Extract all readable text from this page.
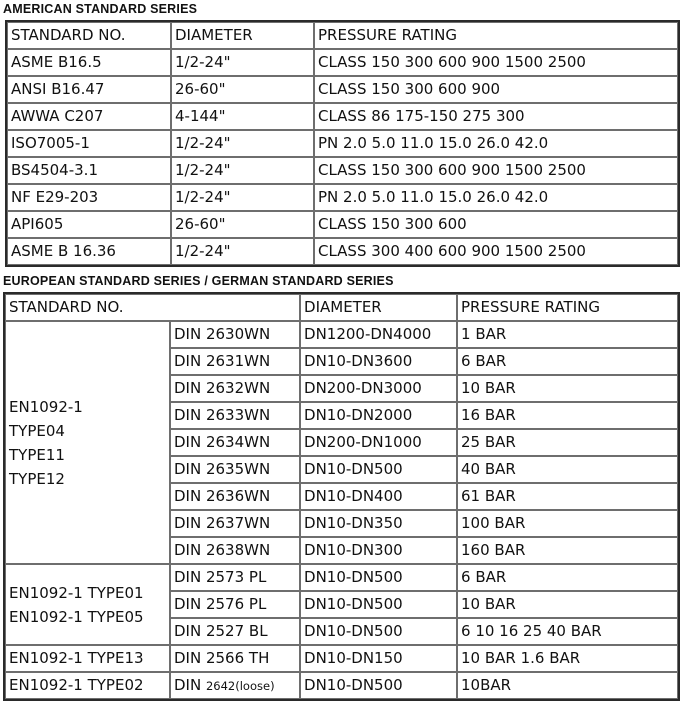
AMERICAN STANDARD SERIES
STANDARD NO.	DIAMETER	PRESSURE RATING
ASME B16.5	1/2-24"	CLASS 150 300 600 900 1500 2500
ANSI B16.47	26-60"	CLASS 150 300 600 900
AWWA C207	4-144"	CLASS 86 175-150 275 300
ISO7005-1	1/2-24"	PN 2.0 5.0 11.0 15.0 26.0 42.0
BS4504-3.1	1/2-24"	CLASS 150 300 600 900 1500 2500
NF E29-203	1/2-24"	PN 2.0 5.0 11.0 15.0 26.0 42.0
API605	26-60"	CLASS 150 300 600
ASME B 16.36	1/2-24"	CLASS 300 400 600 900 1500 2500
EUROPEAN STANDARD SERIES / GERMAN STANDARD SERIES
STANDARD NO.		DIAMETER	PRESSURE RATING

EN1092-1
TYPE04
TYPE11
TYPE12	DIN 2630WN	DN1200-DN4000	1 BAR
	DIN 2631WN	DN10-DN3600	6 BAR
	DIN 2632WN	DN200-DN3000	10 BAR
	DIN 2633WN	DN10-DN2000	16 BAR
	DIN 2634WN	DN200-DN1000	25 BAR
	DIN 2635WN	DN10-DN500	40 BAR
	DIN 2636WN	DN10-DN400	61 BAR
	DIN 2637WN	DN10-DN350	100 BAR
	DIN 2638WN	DN10-DN300	160 BAR

EN1092-1 TYPE01
EN1092-1 TYPE05	DIN 2573 PL	DN10-DN500	6 BAR
	DIN 2576 PL	DN10-DN500	10 BAR
	DIN 2527 BL	DN10-DN500	6 10 16 25 40 BAR
EN1092-1 TYPE13	DIN 2566 TH	DN10-DN150	10 BAR 1.6 BAR
EN1092-1 TYPE02	DIN 2642(loose)	DN10-DN500	10BAR
